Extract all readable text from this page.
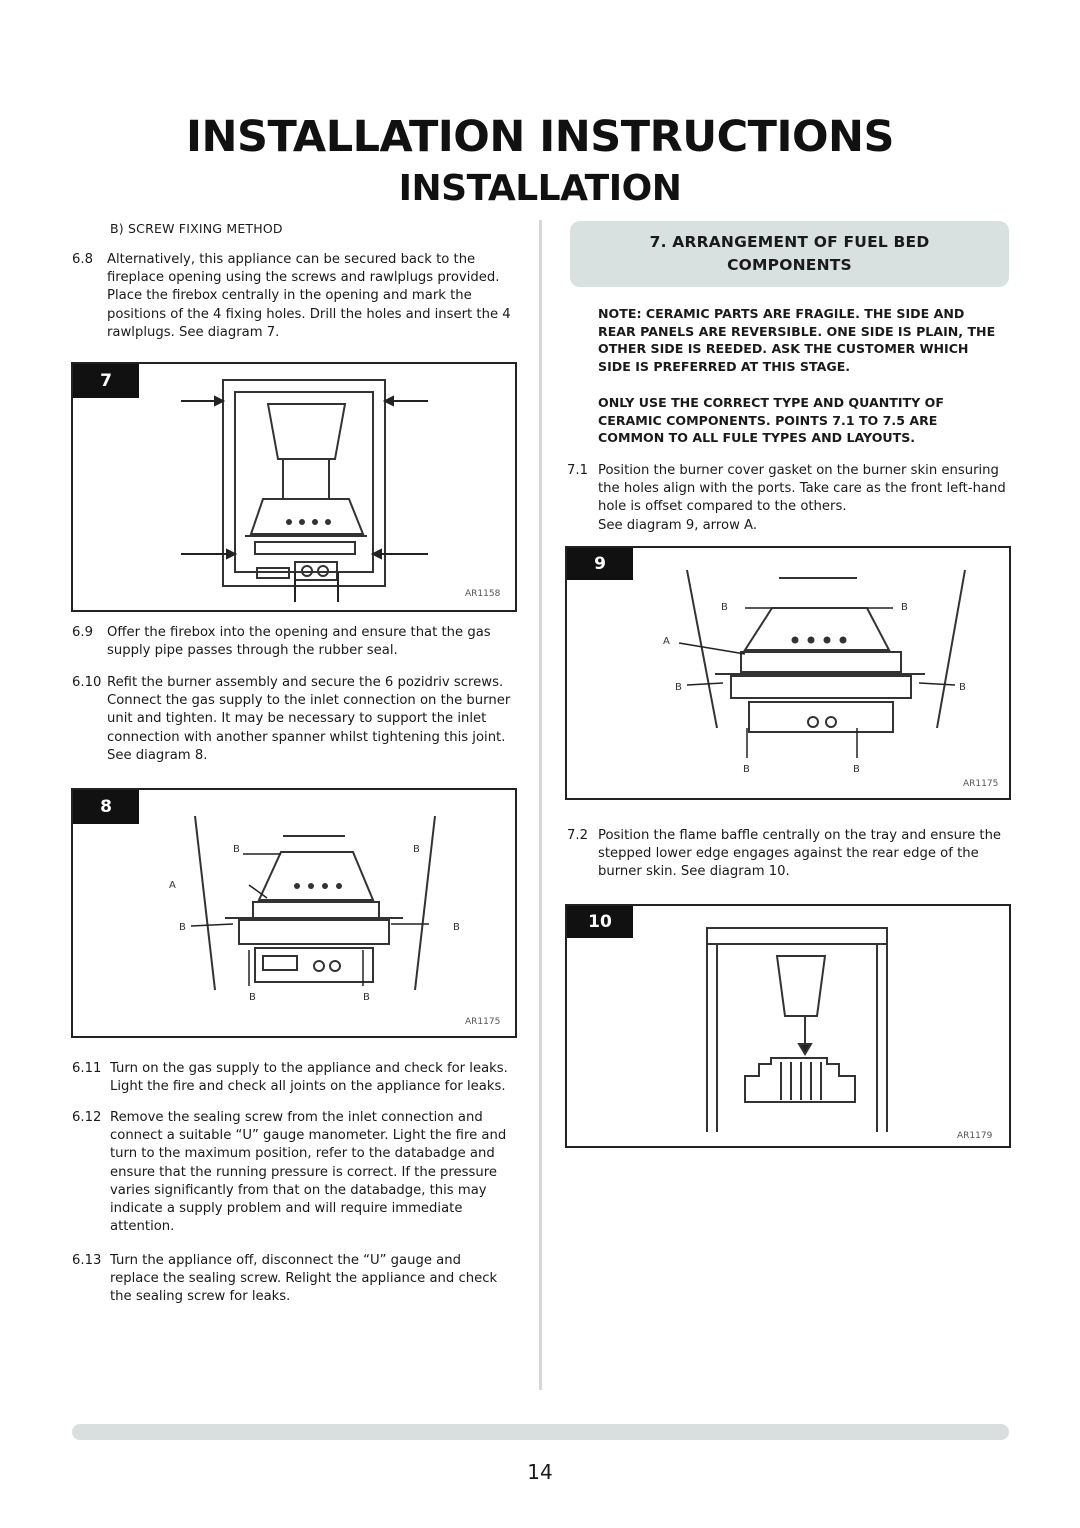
INSTALLATION INSTRUCTIONS
INSTALLATION
B) SCREW FIXING METHOD
6.8	Alternatively, this appliance can be secured back to the fireplace opening using the screws and rawlplugs provided. Place the firebox centrally in the opening and mark the positions of the 4 fixing holes. Drill the holes and insert the 4 rawlplugs. See diagram 7.
7
AR1158
6.9	Offer the firebox into the opening and ensure that the gas supply pipe passes through the rubber seal.
6.10 Refit the burner assembly and secure the 6 pozidriv screws. Connect the gas supply to the inlet connection on the burner unit and tighten. It may be necessary to support the inlet connection with another spanner whilst tightening this joint. See diagram 8.
8
B	B
A
B	B
B	B
AR1175
6.11 Turn on the gas supply to the appliance and check for leaks. Light the fire and check all joints on the appliance for leaks.
6.12 Remove the sealing screw from the inlet connection and connect a suitable “U” gauge manometer. Light the fire and turn to the maximum position, refer to the databadge and ensure that the running pressure is correct. If the pressure varies significantly from that on the databadge, this may indicate a supply problem and will require immediate attention.
6.13 Turn the appliance off, disconnect the “U” gauge and replace the sealing screw. Relight the appliance and check the sealing screw for leaks.
7. ARRANGEMENT OF FUEL BED
COMPONENTS
NOTE: CERAMIC PARTS ARE FRAGILE. THE SIDE AND REAR PANELS ARE REVERSIBLE. ONE SIDE IS PLAIN, THE OTHER SIDE IS REEDED. ASK THE CUSTOMER WHICH SIDE IS PREFERRED AT THIS STAGE.
ONLY USE THE CORRECT TYPE AND QUANTITY OF CERAMIC COMPONENTS. POINTS 7.1 TO 7.5 ARE COMMON TO ALL FULE TYPES AND LAYOUTS.
7.1 Position the burner cover gasket on the burner skin ensuring the holes align with the ports. Take care as the front left-hand hole is offset compared to the others.
See diagram 9, arrow A.
9
B	B
A
B	B
B	B
AR1175
7.2 Position the flame baffle centrally on the tray and ensure the stepped lower edge engages against the rear edge of the burner skin. See diagram 10.
10
AR1179
14
